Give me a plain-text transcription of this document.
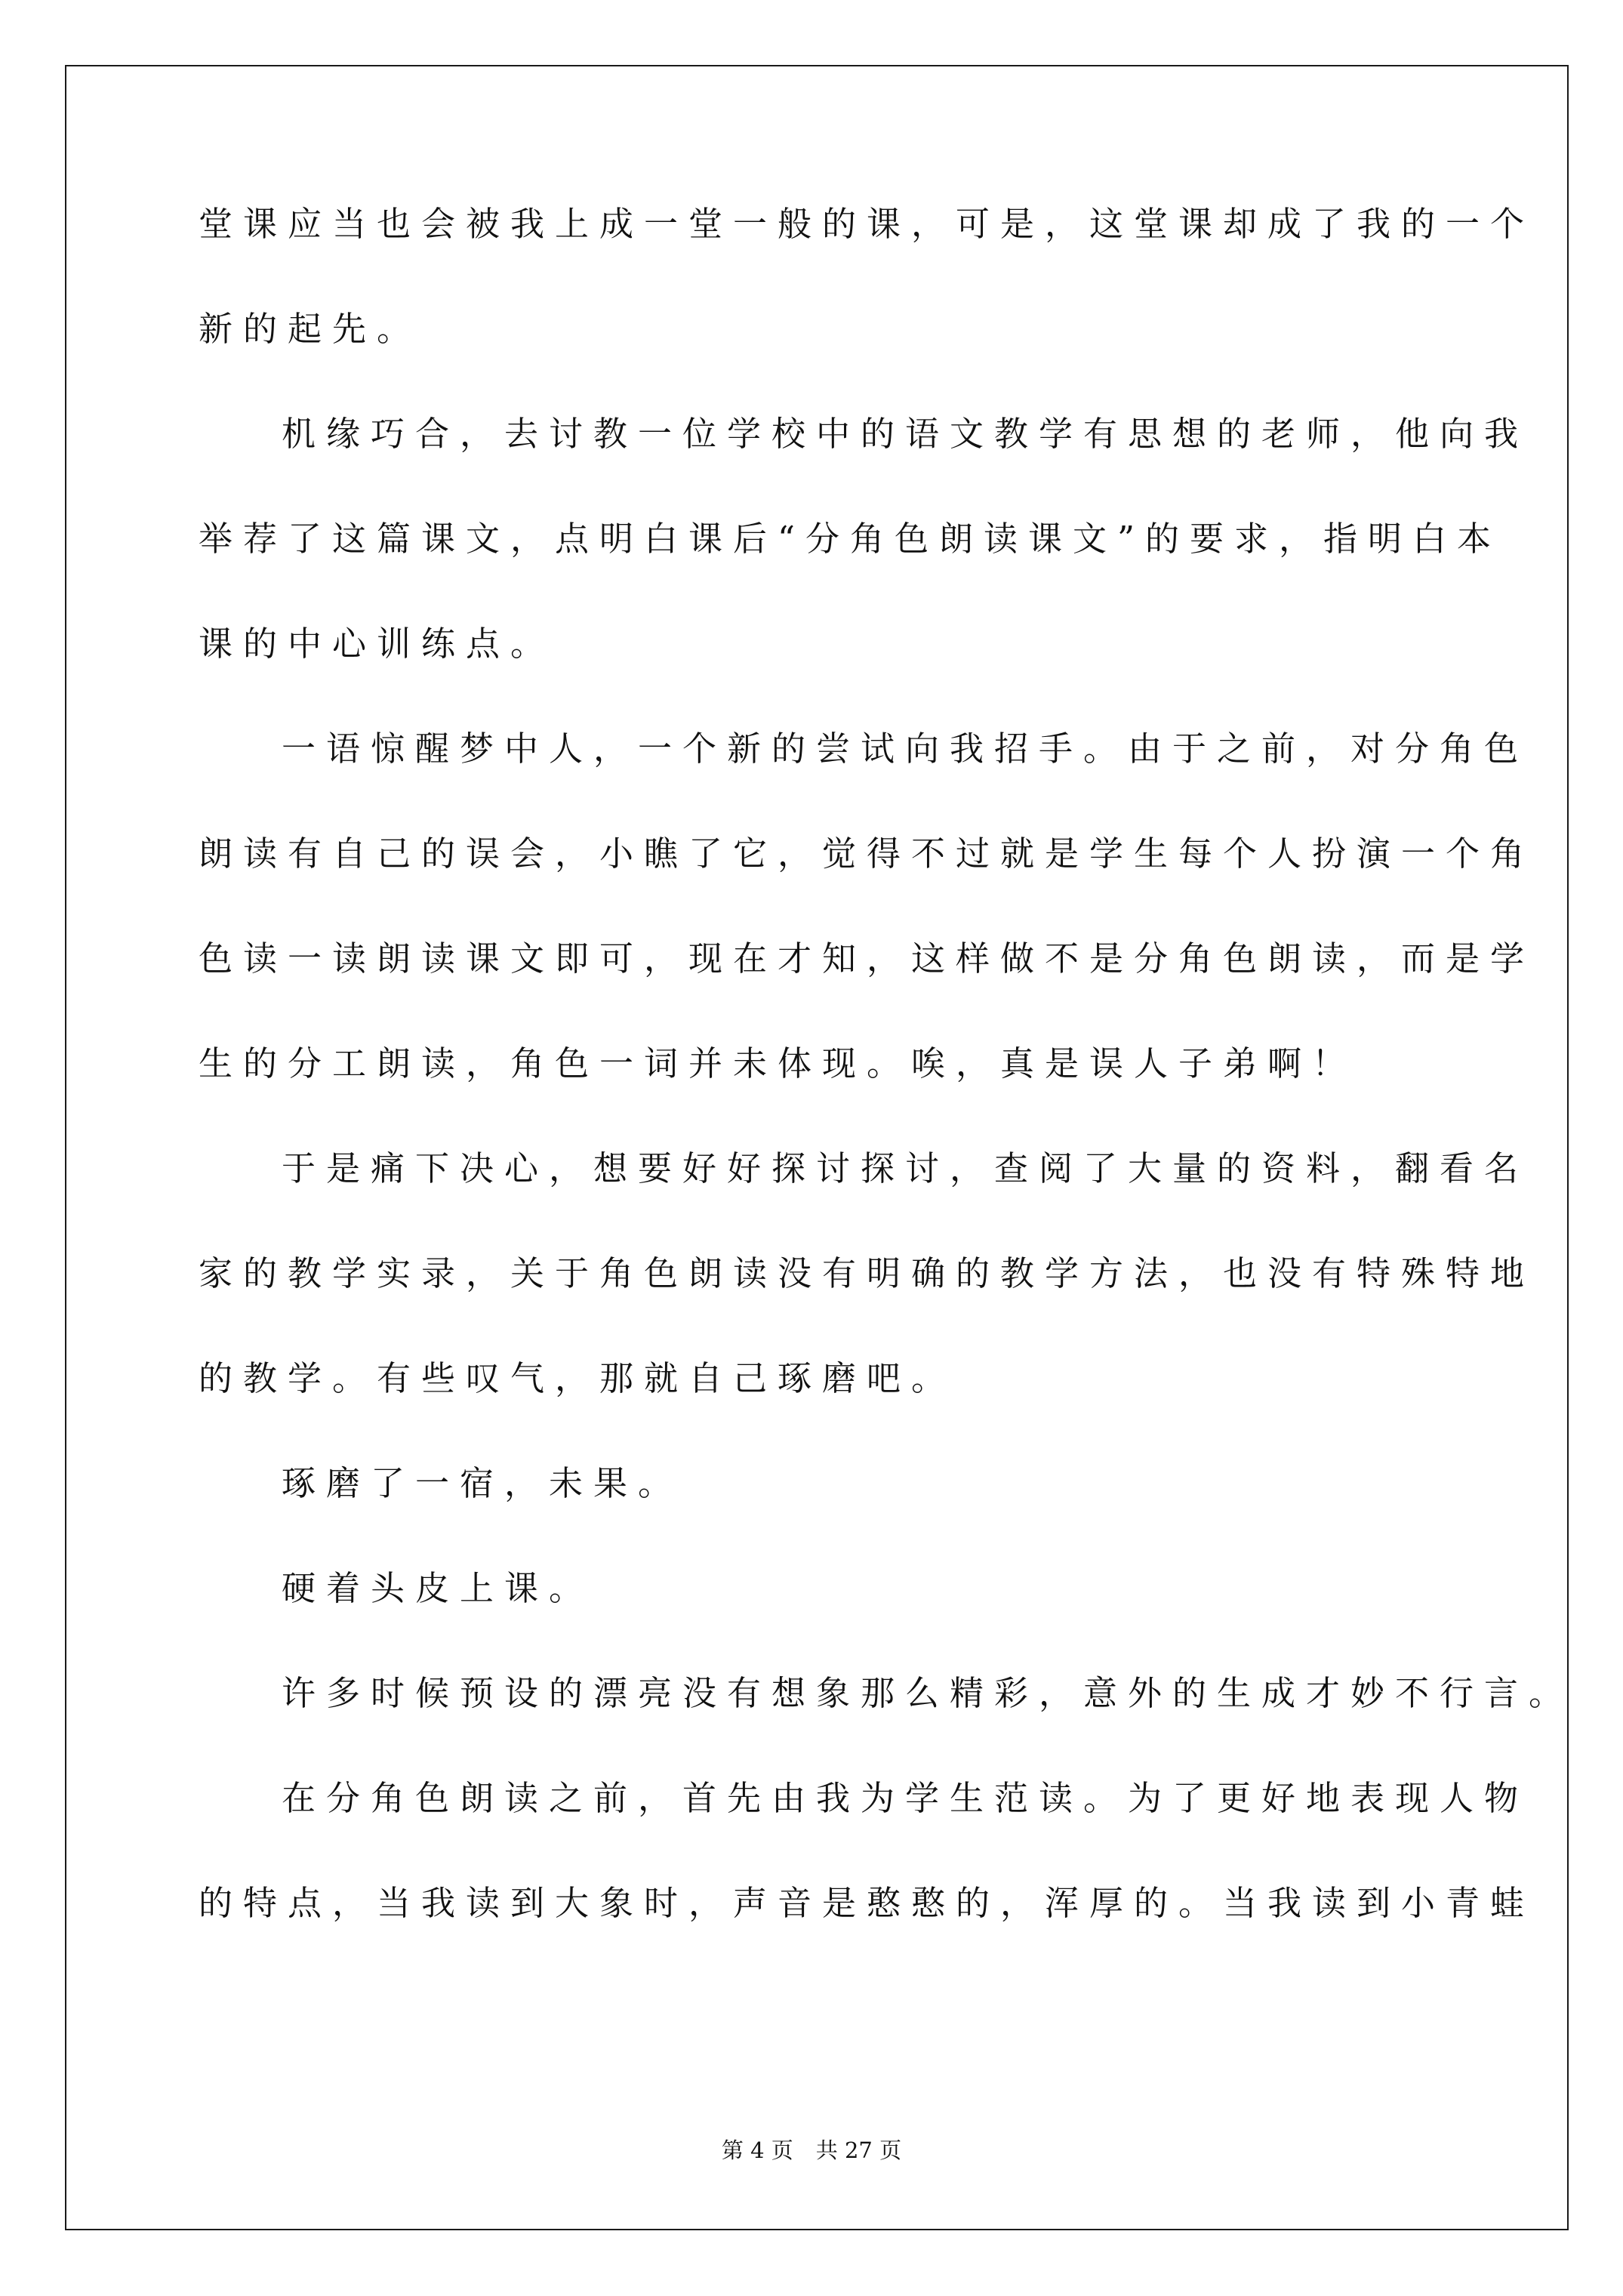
堂课应当也会被我上成一堂一般的课，可是，这堂课却成了我的一个
新的起先。
机缘巧合，去讨教一位学校中的语文教学有思想的老师，他向我
举荐了这篇课文，点明白课后“分角色朗读课文”的要求，指明白本
课的中心训练点。
一语惊醒梦中人，一个新的尝试向我招手。由于之前，对分角色
朗读有自己的误会，小瞧了它，觉得不过就是学生每个人扮演一个角
色读一读朗读课文即可，现在才知，这样做不是分角色朗读，而是学
生的分工朗读，角色一词并未体现。唉，真是误人子弟啊！
于是痛下决心，想要好好探讨探讨，查阅了大量的资料，翻看名
家的教学实录，关于角色朗读没有明确的教学方法，也没有特殊特地
的教学。有些叹气，那就自己琢磨吧。
琢磨了一宿，未果。
硬着头皮上课。
许多时候预设的漂亮没有想象那么精彩，意外的生成才妙不行言。
在分角色朗读之前，首先由我为学生范读。为了更好地表现人物
的特点，当我读到大象时，声音是憨憨的，浑厚的。当我读到小青蛙
第 4 页 共 27 页
